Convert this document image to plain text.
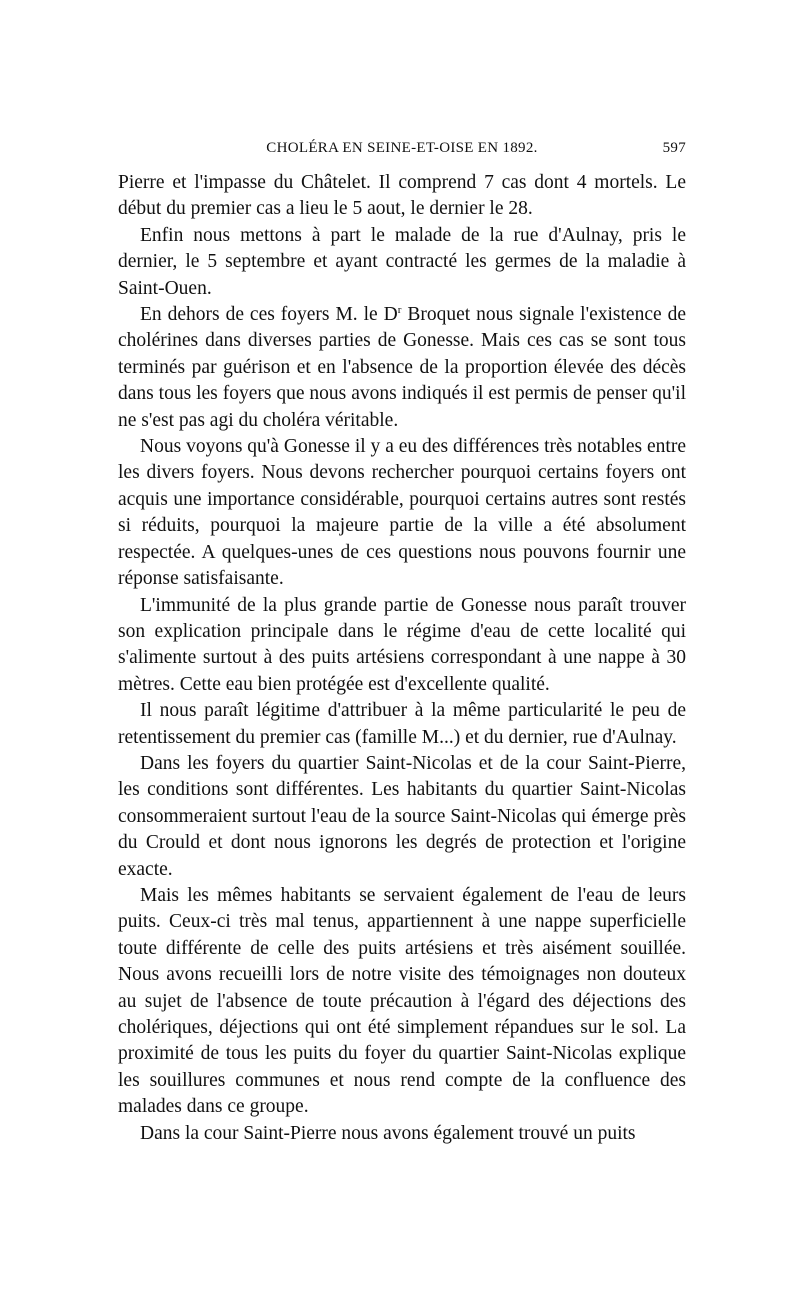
CHOLÉRA EN SEINE-ET-OISE EN 1892.	597

Pierre et l'impasse du Châtelet. Il comprend 7 cas dont 4 mortels. Le début du premier cas a lieu le 5 aout, le dernier le 28.

Enfin nous mettons à part le malade de la rue d'Aulnay, pris le dernier, le 5 septembre et ayant contracté les germes de la maladie à Saint-Ouen.

En dehors de ces foyers M. le $D^r$ Broquet nous signale l'existence de cholérines dans diverses parties de Gonesse. Mais ces cas se sont tous terminés par guérison et en l'absence de la proportion élevée des décès dans tous les foyers que nous avons indiqués il est permis de penser qu'il ne s'est pas agi du choléra véritable.

Nous voyons qu'à Gonesse il y a eu des différences très notables entre les divers foyers. Nous devons rechercher pourquoi certains foyers ont acquis une importance considérable, pourquoi certains autres sont restés si réduits, pourquoi la majeure partie de la ville a été absolument respectée. A quelques-unes de ces questions nous pouvons fournir une réponse satisfaisante.

L'immunité de la plus grande partie de Gonesse nous paraît trouver son explication principale dans le régime d'eau de cette localité qui s'alimente surtout à des puits artésiens correspondant à une nappe à 30 mètres. Cette eau bien protégée est d'excellente qualité.

Il nous paraît légitime d'attribuer à la même particularité le peu de retentissement du premier cas (famille M...) et du dernier, rue d'Aulnay.

Dans les foyers du quartier Saint-Nicolas et de la cour Saint-Pierre, les conditions sont différentes. Les habitants du quartier Saint-Nicolas consommeraient surtout l'eau de la source Saint-Nicolas qui émerge près du Crould et dont nous ignorons les degrés de protection et l'origine exacte.

Mais les mêmes habitants se servaient également de l'eau de leurs puits. Ceux-ci très mal tenus, appartiennent à une nappe superficielle toute différente de celle des puits artésiens et très aisément souillée. Nous avons recueilli lors de notre visite des témoignages non douteux au sujet de l'absence de toute précaution à l'égard des déjections des cholériques, déjections qui ont été simplement répandues sur le sol. La proximité de tous les puits du foyer du quartier Saint-Nicolas explique les souillures communes et nous rend compte de la confluence des malades dans ce groupe.

Dans la cour Saint-Pierre nous avons également trouvé un puits
